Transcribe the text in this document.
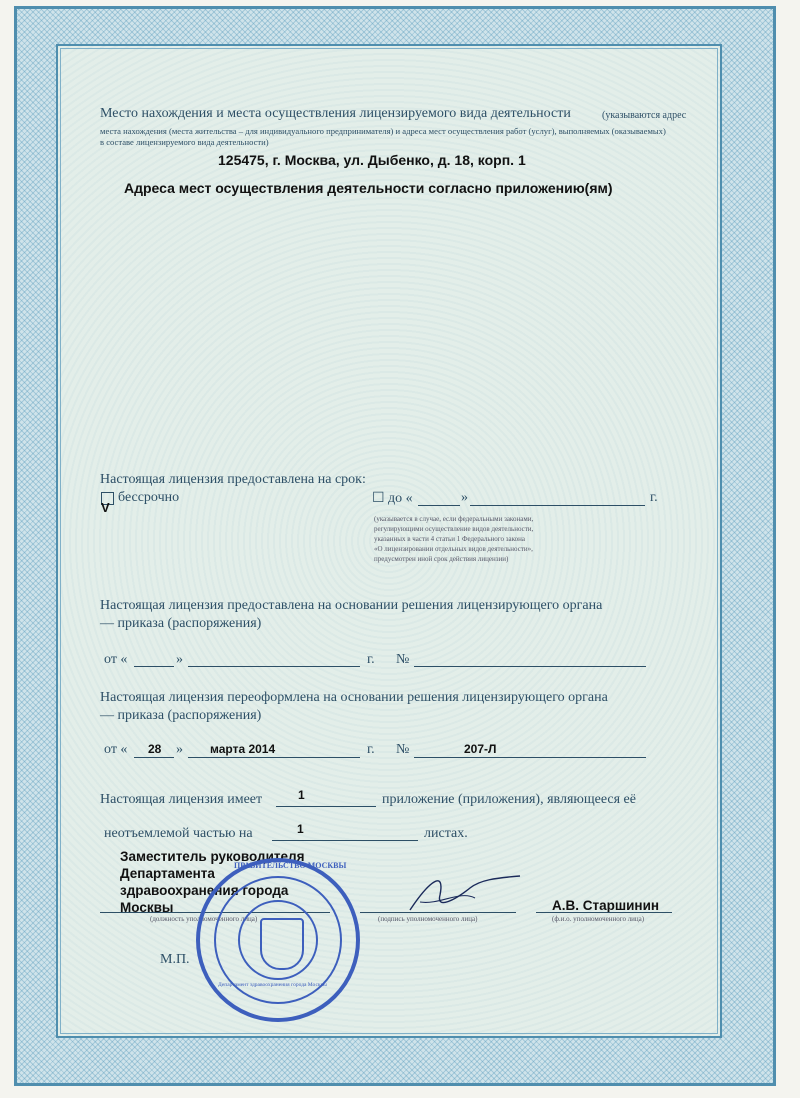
Место нахождения и места осуществления лицензируемого вида деятельности	(указываются адрес
места нахождения (места жительства – для индивидуального предпринимателя) и адреса мест осуществления работ (услуг), выполняемых (оказываемых)
в составе лицензируемого вида деятельности)
125475, г. Москва, ул. Дыбенко, д. 18, корп. 1
Адреса мест осуществления деятельности согласно приложению(ям)
Настоящая лицензия предоставлена на срок:
V
бессрочно	☐ до «	»	г.
(указывается в случае, если федеральными законами,
регулирующими осуществление видов деятельности,
указанных в части 4 статьи 1 Федерального закона
«О лицензировании отдельных видов деятельности»,
предусмотрен иной срок действия лицензии)
Настоящая лицензия предоставлена на основании решения лицензирующего органа
— приказа (распоряжения)
от «	»	г. №
Настоящая лицензия переоформлена на основании решения лицензирующего органа
— приказа (распоряжения)
от « 28 » марта 2014	г. №	207-Л
Настоящая лицензия имеет	1	приложение (приложения), являющееся её
неотъемлемой частью на	1	листах.
Заместитель руководителя
Департамента
здравоохранения города
Москвы
(должность уполномоченного лица)	(подпись уполномоченного лица)
А.В. Старшинин
(ф.и.о. уполномоченного лица)
М.П.
ПРАВИТЕЛЬСТВО МОСКВЫ
Департамент здравоохранения города Москвы
